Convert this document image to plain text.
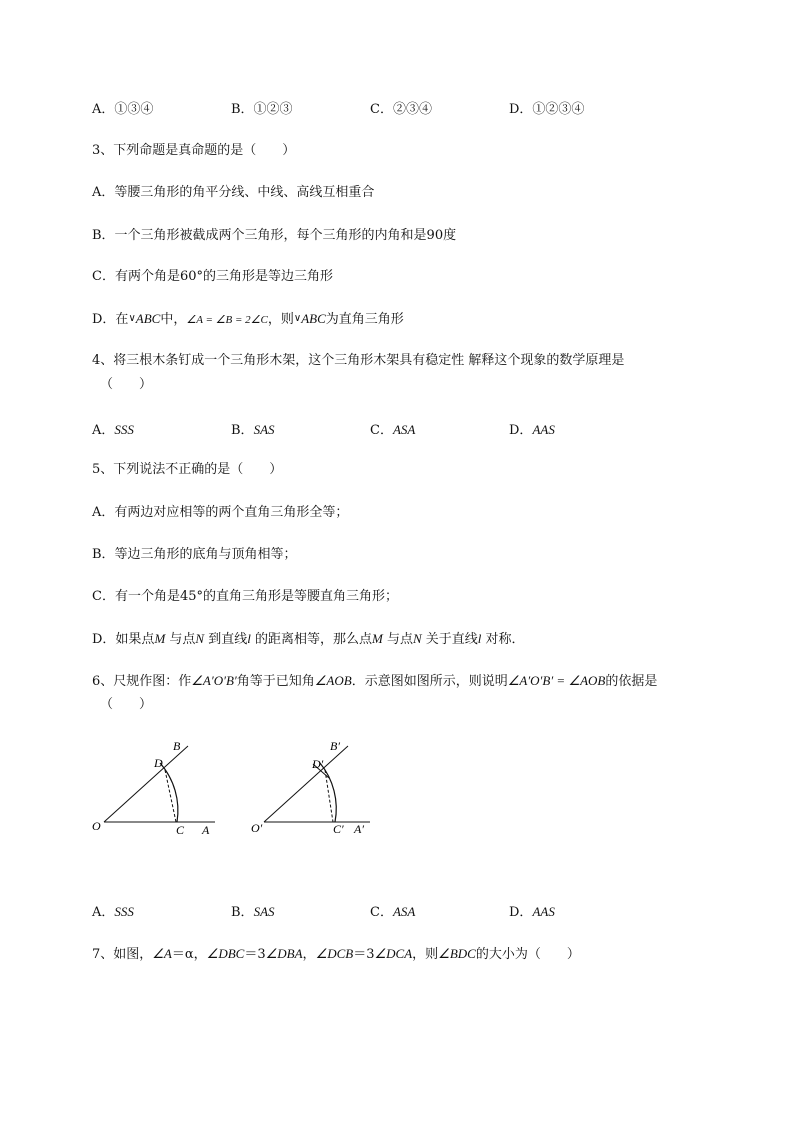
A．①③④	B．①②③	C．②③④	D．①②③④
3、下列命题是真命题的是（　　）
A．等腰三角形的角平分线、中线、高线互相重合
B．一个三角形被截成两个三角形，每个三角形的内角和是90度
C．有两个角是60°的三角形是等边三角形
D．在∨ABC中，∠A = ∠B = 2∠C，则∨ABC为直角三角形
4、将三根木条钉成一个三角形木架，这个三角形木架具有稳定性 解释这个现象的数学原理是
（　　）
A．SSS	B．SAS	C．ASA	D．AAS
5、下列说法不正确的是（　　）
A．有两边对应相等的两个直角三角形全等；
B．等边三角形的底角与顶角相等；
C．有一个角是45°的直角三角形是等腰直角三角形；
D．如果点M 与点N 到直线l 的距离相等，那么点M 与点N 关于直线l 对称．
6、尺规作图：作∠A′O′B′角等于已知角∠AOB．示意图如图所示，则说明∠A′O′B′ = ∠AOB的依据是
（　　）
B
D
O	C A
B′
D′
O′	C′ A′
A．SSS	B．SAS	C．ASA	D．AAS
7、如图，∠A＝α，∠DBC＝3∠DBA，∠DCB＝3∠DCA，则∠BDC的大小为（　　）
